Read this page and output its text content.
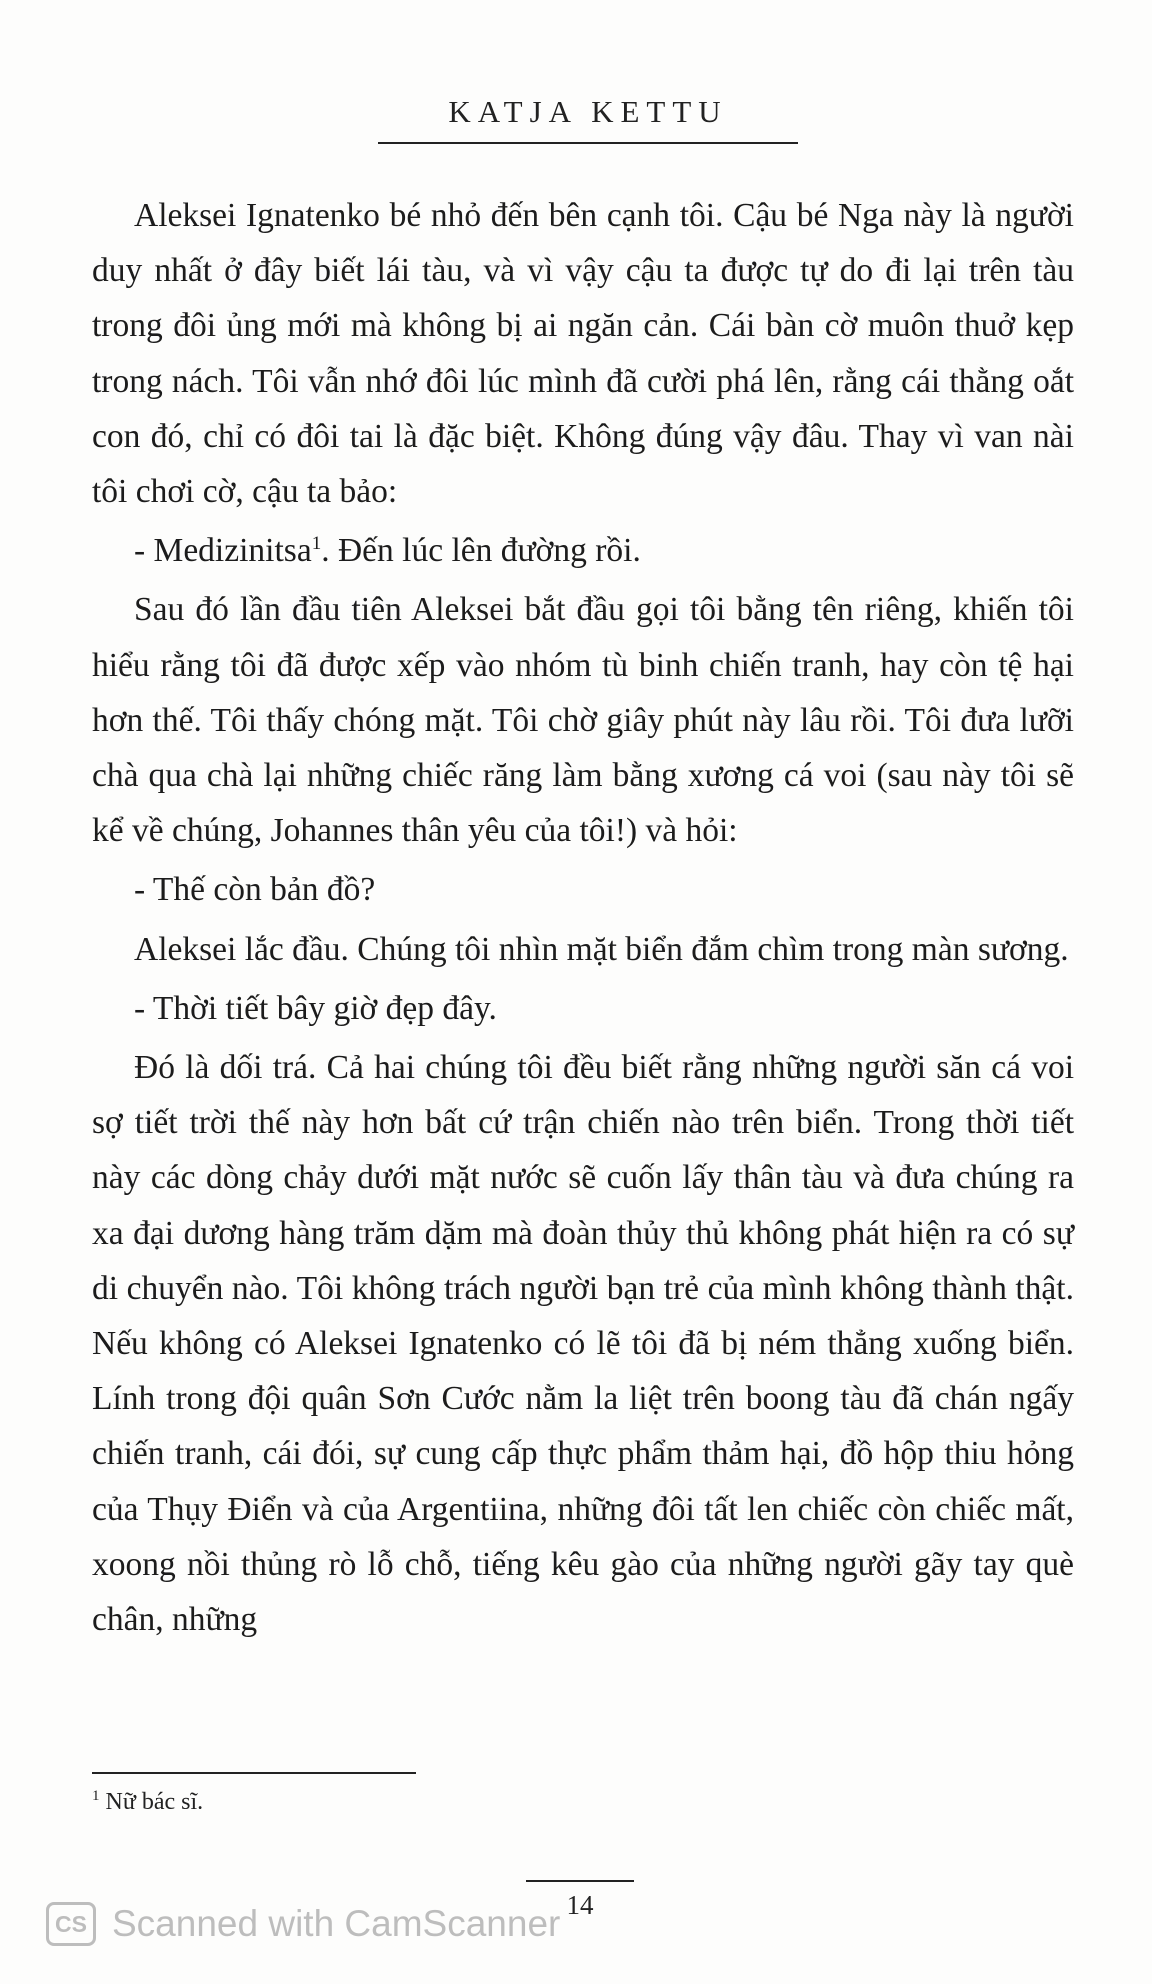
KATJA KETTU

Aleksei Ignatenko bé nhỏ đến bên cạnh tôi. Cậu bé Nga này là người duy nhất ở đây biết lái tàu, và vì vậy cậu ta được tự do đi lại trên tàu trong đôi ủng mới mà không bị ai ngăn cản. Cái bàn cờ muôn thuở kẹp trong nách. Tôi vẫn nhớ đôi lúc mình đã cười phá lên, rằng cái thằng oắt con đó, chỉ có đôi tai là đặc biệt. Không đúng vậy đâu. Thay vì van nài tôi chơi cờ, cậu ta bảo:

- Medizinitsa$^1$. Đến lúc lên đường rồi.

Sau đó lần đầu tiên Aleksei bắt đầu gọi tôi bằng tên riêng, khiến tôi hiểu rằng tôi đã được xếp vào nhóm tù binh chiến tranh, hay còn tệ hại hơn thế. Tôi thấy chóng mặt. Tôi chờ giây phút này lâu rồi. Tôi đưa lưỡi chà qua chà lại những chiếc răng làm bằng xương cá voi (sau này tôi sẽ kể về chúng, Johannes thân yêu của tôi!) và hỏi:

- Thế còn bản đồ?

Aleksei lắc đầu. Chúng tôi nhìn mặt biển đắm chìm trong màn sương.

- Thời tiết bây giờ đẹp đây.

Đó là dối trá. Cả hai chúng tôi đều biết rằng những người săn cá voi sợ tiết trời thế này hơn bất cứ trận chiến nào trên biển. Trong thời tiết này các dòng chảy dưới mặt nước sẽ cuốn lấy thân tàu và đưa chúng ra xa đại dương hàng trăm dặm mà đoàn thủy thủ không phát hiện ra có sự di chuyển nào. Tôi không trách người bạn trẻ của mình không thành thật. Nếu không có Aleksei Ignatenko có lẽ tôi đã bị ném thẳng xuống biển. Lính trong đội quân Sơn Cước nằm la liệt trên boong tàu đã chán ngấy chiến tranh, cái đói, sự cung cấp thực phẩm thảm hại, đồ hộp thiu hỏng của Thụy Điển và của Argentiina, những đôi tất len chiếc còn chiếc mất, xoong nồi thủng rò lỗ chỗ, tiếng kêu gào của những người gãy tay què chân, những

$^1$ Nữ bác sĩ.
14
CS Scanned with CamScanner
